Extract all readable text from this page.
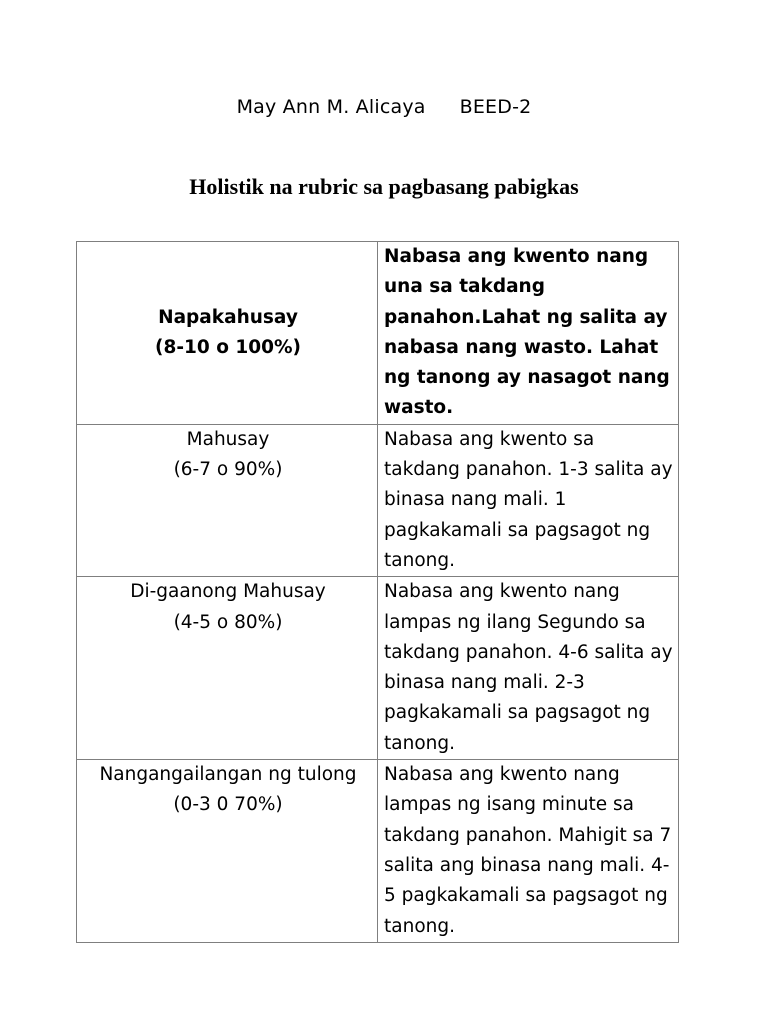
May Ann M. Alicaya BEED-2
Holistik na rubric sa pagbasang pabigkas
Napakahusay
(8-10 o 100%)	Nabasa ang kwento nang una sa takdang panahon.Lahat ng salita ay nabasa nang wasto. Lahat ng tanong ay nasagot nang wasto.

Mahusay
(6-7 o 90%)	Nabasa ang kwento sa takdang panahon. 1-3 salita ay binasa nang mali. 1 pagkakamali sa pagsagot ng tanong.

Di-gaanong Mahusay
(4-5 o 80%)	Nabasa ang kwento nang lampas ng ilang Segundo sa takdang panahon. 4-6 salita ay binasa nang mali. 2-3 pagkakamali sa pagsagot ng tanong.

Nangangailangan ng tulong
(0-3 0 70%)	Nabasa ang kwento nang lampas ng isang minute sa takdang panahon. Mahigit sa 7 salita ang binasa nang mali. 4-5 pagkakamali sa pagsagot ng tanong.
